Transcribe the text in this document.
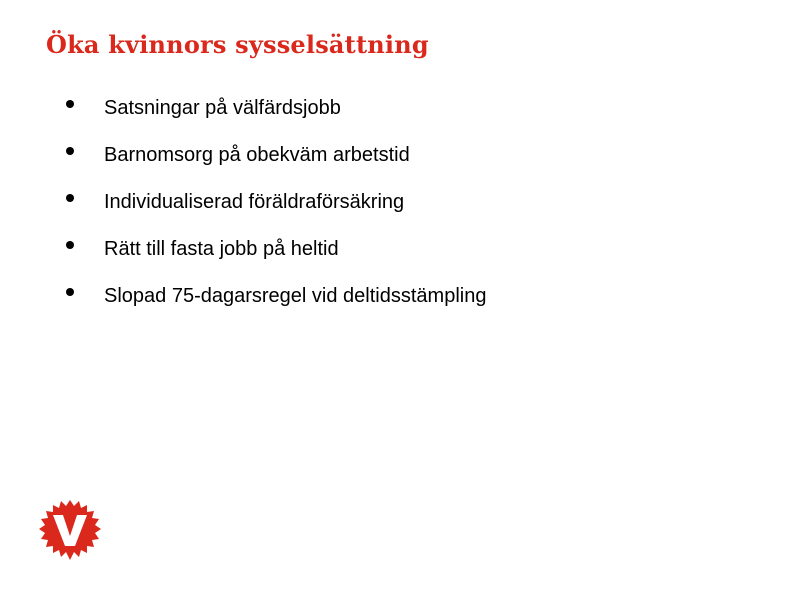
Öka kvinnors sysselsättning
Satsningar på välfärdsjobb
Barnomsorg på obekväm arbetstid
Individualiserad föräldraförsäkring
Rätt till fasta jobb på heltid
Slopad 75-dagarsregel vid deltidsstämpling
